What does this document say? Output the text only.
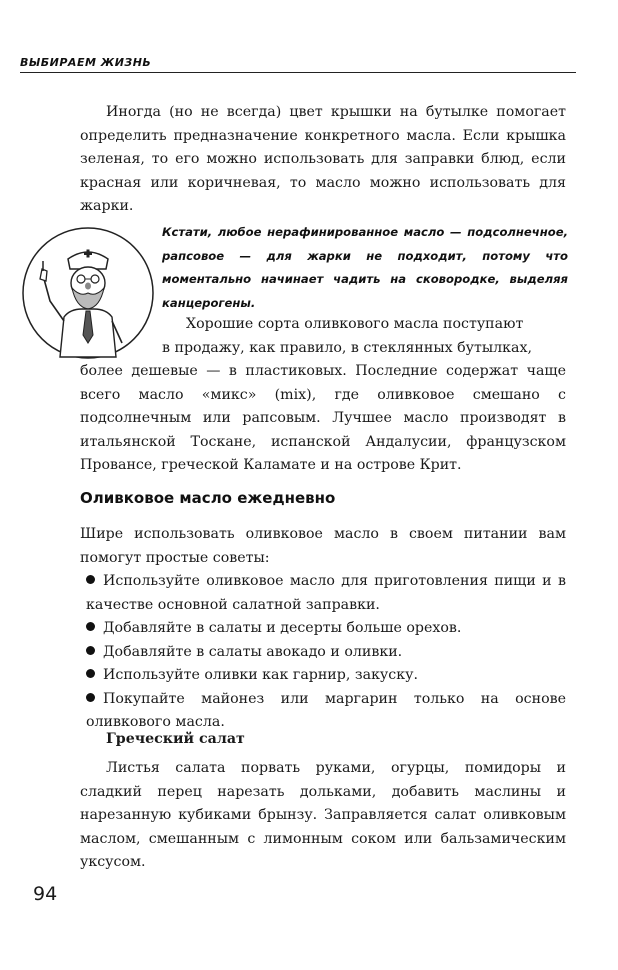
ВЫБИРАЕМ ЖИЗНЬ
Иногда (но не всегда) цвет крышки на бутылке помогает определить предназначение конкретного масла. Если крышка зеленая, то его можно использовать для заправки блюд, если красная или коричневая, то масло можно использовать для жарки.
Кстати, любое нерафинированное масло — подсолнечное, рапсовое — для жарки не подходит, потому что моментально начинает чадить на сковородке, выделяя канцерогены.
Хорошие сорта оливкового масла поступают
в продажу, как правило, в стеклянных бутылках,
более дешевые — в пластиковых. Последние содержат чаще всего масло «микс» (mix), где оливковое смешано с подсолнечным или рапсовым. Лучшее масло производят в итальянской Тоскане, испанской Андалусии, французском Провансе, греческой Каламате и на острове Крит.
Оливковое масло ежедневно
Шире использовать оливковое масло в своем питании вам помогут простые советы:
Используйте оливковое масло для приготовления пищи и в качестве основной салатной заправки.
Добавляйте в салаты и десерты больше орехов.
Добавляйте в салаты авокадо и оливки.
Используйте оливки как гарнир, закуску.
Покупайте майонез или маргарин только на основе оливкового масла.
Греческий салат
Листья салата порвать руками, огурцы, помидоры и сладкий перец нарезать дольками, добавить маслины и нарезанную кубиками брынзу. Заправляется салат оливковым маслом, смешанным с лимонным соком или бальзамическим уксусом.
94
